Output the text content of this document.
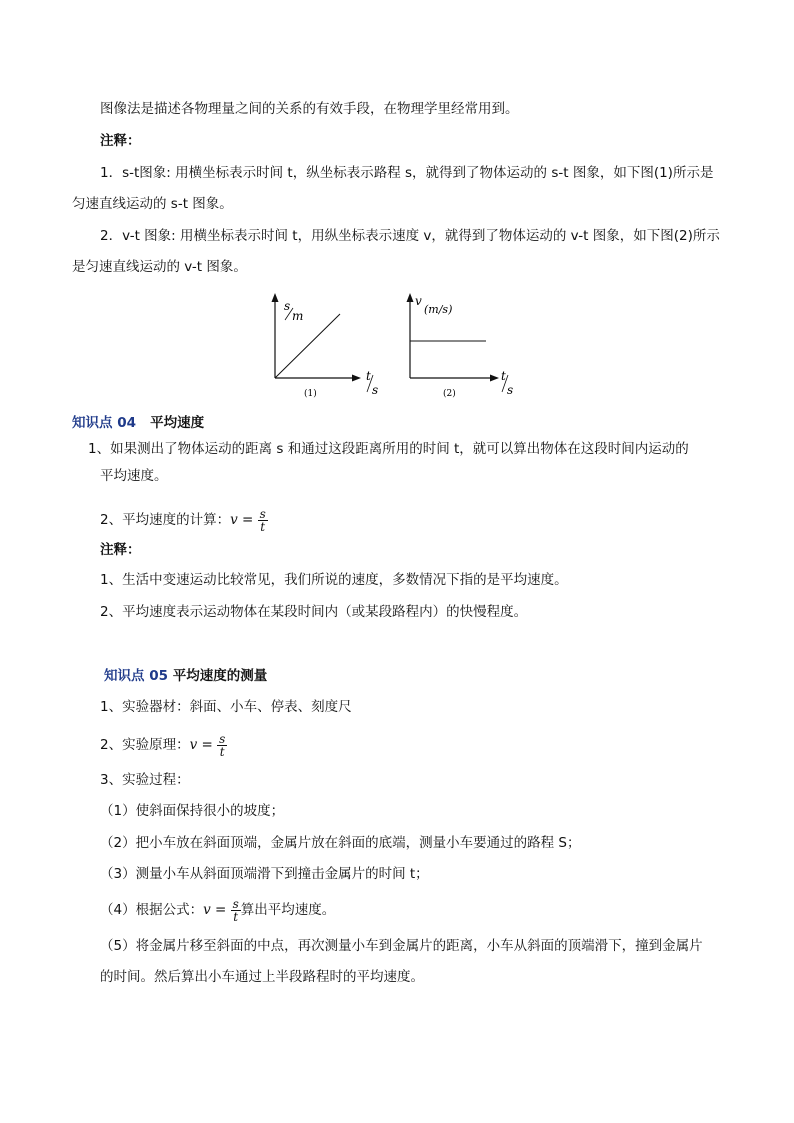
图像法是描述各物理量之间的关系的有效手段，在物理学里经常用到。
注释：
1．s-t图象: 用横坐标表示时间 t，纵坐标表示路程 s，就得到了物体运动的 s-t 图象，如下图(1)所示是
匀速直线运动的 s-t 图象。
2．v-t 图象: 用横坐标表示时间 t，用纵坐标表示速度 v，就得到了物体运动的 v-t 图象，如下图(2)所示
是匀速直线运动的 v-t 图象。
s
m
t
s
(1)
v
(m/s)
t
s
(2)
知识点 04 平均速度
1、如果测出了物体运动的距离 s 和通过这段距离所用的时间 t，就可以算出物体在这段时间内运动的
平均速度。
2、平均速度的计算：$v = \frac{s}{t}$
注释：
1、生活中变速运动比较常见，我们所说的速度，多数情况下指的是平均速度。
2、平均速度表示运动物体在某段时间内（或某段路程内）的快慢程度。
知识点 05 平均速度的测量
1、实验器材：斜面、小车、停表、刻度尺
2、实验原理：$v = \frac{s}{t}$
3、实验过程：
（1）使斜面保持很小的坡度；
（2）把小车放在斜面顶端，金属片放在斜面的底端，测量小车要通过的路程 S；
（3）测量小车从斜面顶端滑下到撞击金属片的时间 t；
（4）根据公式：$v = \frac{s}{t}$ 算出平均速度。
（5）将金属片移至斜面的中点，再次测量小车到金属片的距离，小车从斜面的顶端滑下，撞到金属片
的时间。然后算出小车通过上半段路程时的平均速度。
